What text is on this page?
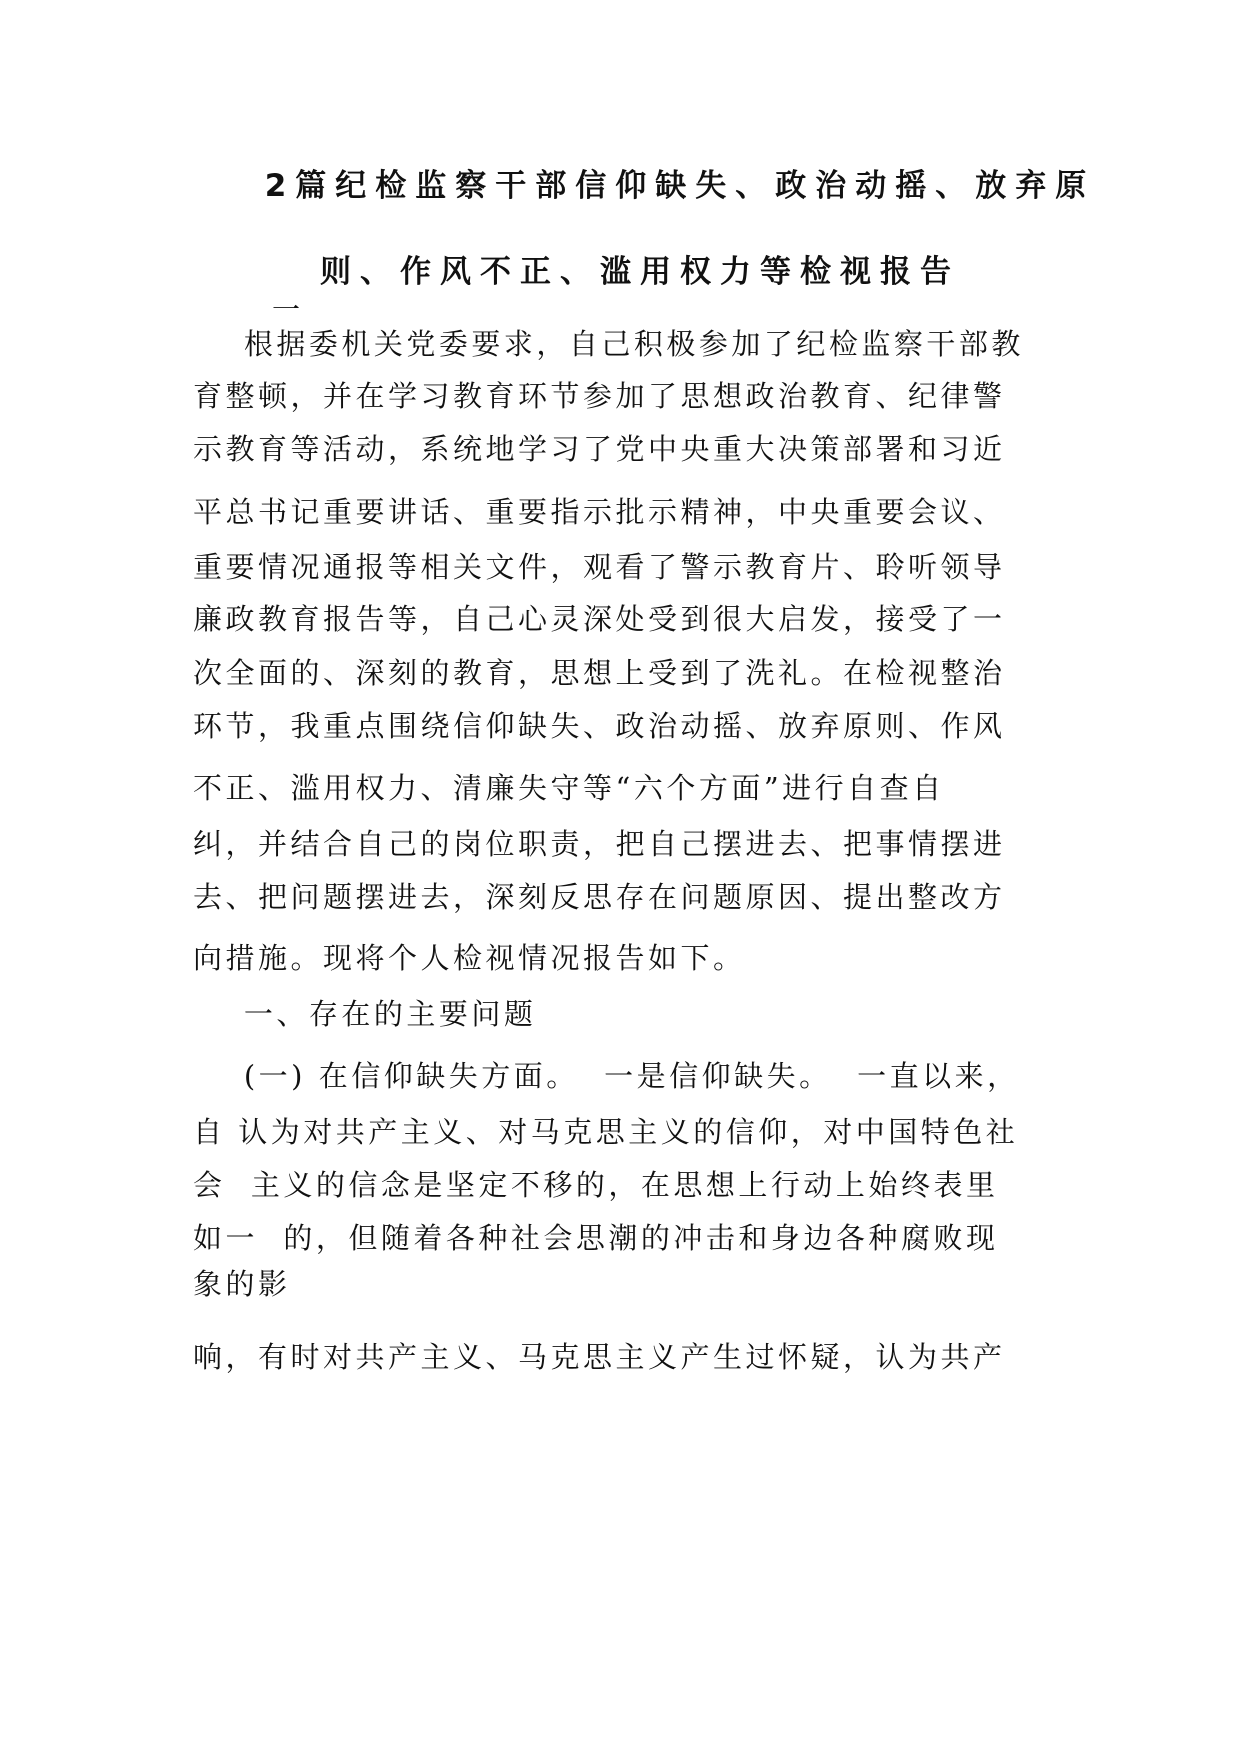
2篇纪检监察干部信仰缺失、政治动摇、放弃原
则、作风不正、滥用权力等检视报告
一
根据委机关党委要求，自己积极参加了纪检监察干部教
育整顿，并在学习教育环节参加了思想政治教育、纪律警
示教育等活动，系统地学习了党中央重大决策部署和习近
平总书记重要讲话、重要指示批示精神，中央重要会议、
重要情况通报等相关文件，观看了警示教育片、聆听领导
廉政教育报告等，自己心灵深处受到很大启发，接受了一
次全面的、深刻的教育，思想上受到了洗礼。在检视整治
环节，我重点围绕信仰缺失、政治动摇、放弃原则、作风
不正、滥用权力、清廉失守等“六个方面”进行自查自
纠，并结合自己的岗位职责，把自己摆进去、把事情摆进
去、把问题摆进去，深刻反思存在问题原因、提出整改方
向措施。现将个人检视情况报告如下。
一、存在的主要问题
(一) 在信仰缺失方面。  一是信仰缺失。  一直以来，
自 认为对共产主义、对马克思主义的信仰，对中国特色社
会  主义的信念是坚定不移的，在思想上行动上始终表里
如一  的，但随着各种社会思潮的冲击和身边各种腐败现
象的影
响，有时对共产主义、马克思主义产生过怀疑，认为共产
